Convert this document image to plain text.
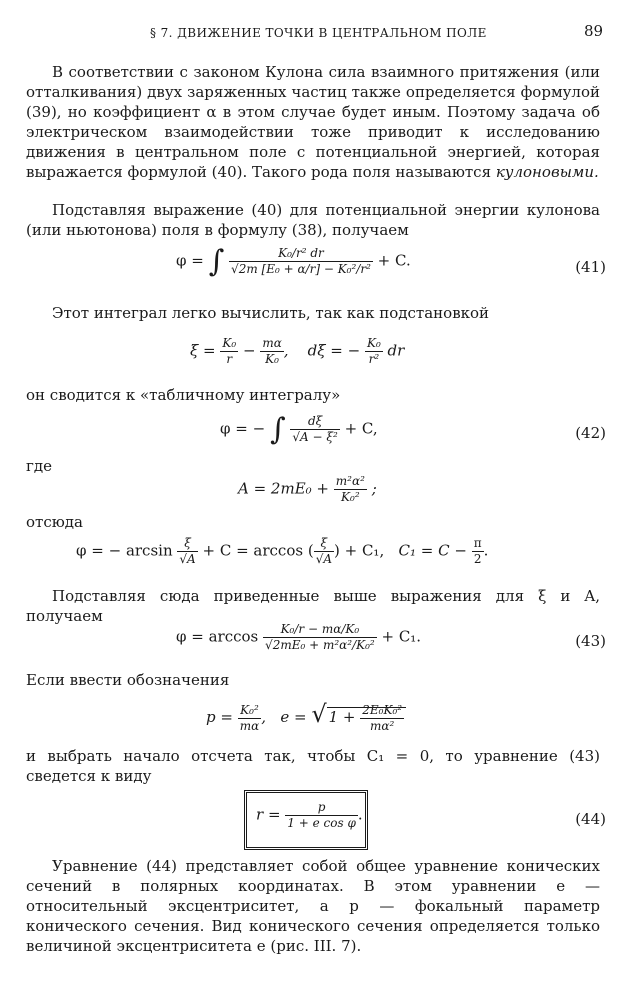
§ 7. ДВИЖЕНИЕ ТОЧКИ В ЦЕНТРАЛЬНОМ ПОЛЕ	89
В соответствии с законом Кулона сила взаимного притяжения (или отталкивания) двух заряженных частиц также определяется формулой (39), но коэффициент α в этом случае будет иным. Поэтому задача об электрическом взаимодействии тоже приводит к исследованию движения в центральном поле с потенциальной энергией, которая выражается формулой (40). Такого рода поля называются кулоновыми.
Подставляя выражение (40) для потенциальной энергии кулонова (или ньютонова) поля в формулу (38), получаем
φ = ∫ $\frac{\text{K₀/r² dr}}{\text{√2m [E₀ + α/r] − K₀²/r²}} + C$.	(41)
Этот интеграл легко вычислить, так как подстановкой
$\xi = \frac{\text{K₀}}{r} - \frac{m\alpha}{\text{K₀}}$ , dξ = − $\frac{\text{K₀}}{\text{r²}}$ dr
он сводится к «табличному интегралу»
φ = − ∫ $\frac{d\xi}{\text{√A − ξ²}} + C$,	(42)
где
$A = 2mE_0 + \frac{\text{m²α²}}{\text{K₀²}}$ ;
отсюда
φ = − $\arcsin \frac{\xi}{√A} + C = \arccos$ ( $\frac{\xi}{√A}$ ) + C₁, $C_1 = C - \frac{\pi}{2}$ .
Подставляя сюда приведенные выше выражения для ξ и A, получаем
$\varphi = \arccos \frac{\text{K₀/r − mα/K₀}}{\text{√2mE₀ + m²α²/K₀²}} + C_1$.	(43)
Если ввести обозначения
$p = \frac{\text{K₀²}}{m\alpha}$ , e = √ $1 + \frac{\text{2E₀K₀²}}{\text{mα²}}$
и выбрать начало отсчета так, чтобы C₁ = 0, то уравнение (43) сведется к виду
$r = \frac{p}{\text{1 + e cos φ}}$ .	(44)
Уравнение (44) представляет собой общее уравнение конических сечений в полярных координатах. В этом уравнении e — относительный эксцентриситет, а p — фокальный параметр конического сечения. Вид конического сечения определяется только величиной эксцентриситета e (рис. III. 7).
